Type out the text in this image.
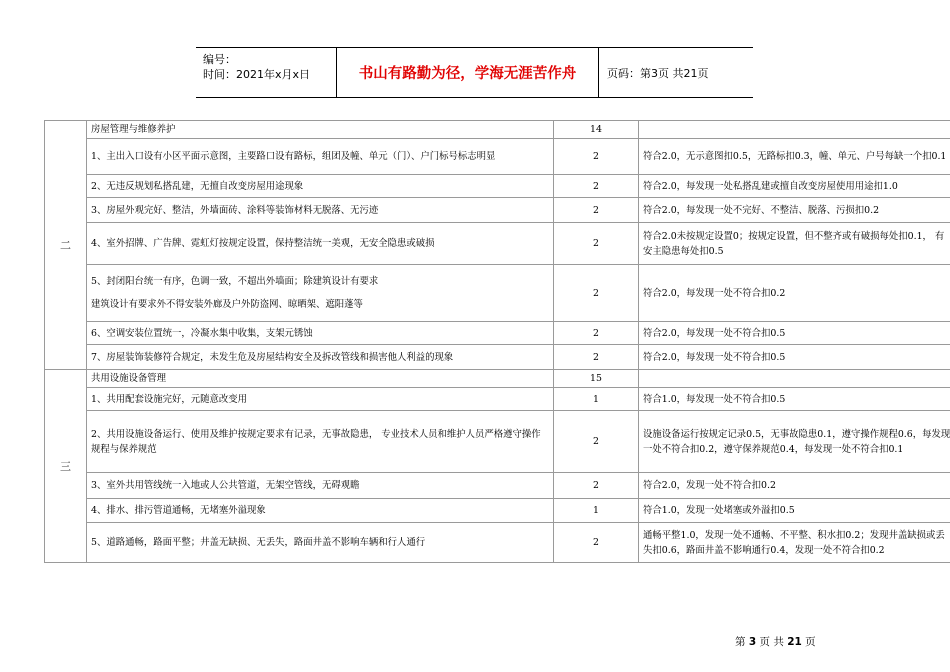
编号：
时间：2021年x月x日	书山有路勤为径，学海无涯苦作舟	页码：第3页 共21页
二	房屋管理与维修养护	14	
	1、主出入口设有小区平面示意图，主要路口设有路标，组团及幢、单元（门）、户门标号标志明显	2	符合2.0，无示意图扣0.5，无路标扣0.3，幢、单元、户号每缺一个扣0.1
	2、无违反规划私搭乱建，无擅自改变房屋用途现象	2	符合2.0，每发现一处私搭乱建或擅自改变房屋使用用途扣1.0
	3、房屋外观完好、整洁，外墙面砖、涂料等装饰材料无脱落、无污迹	2	符合2.0，每发现一处不完好、不整洁、脱落、污损扣0.2
	4、室外招牌、广告牌、霓虹灯按规定设置，保持整洁统一美观，无安全隐患或破损	2	符合2.0未按规定设置0；按规定设置，但不整齐或有破损每处扣0.1， 有安主隐患每处扣0.5
	5、封闭阳台统一有序，色调一致，不超出外墙面；除建筑设计有要求
建筑设计有要求外不得安装外廊及户外防盗网、晾晒架、遮阳蓬等	2	符合2.0，每发现一处不符合扣0.2
	6、空调安装位置统一，冷凝水集中收集，支架元锈蚀	2	符合2.0，每发现一处不符合扣0.5
	7、房屋装饰装修符合规定，未发生危及房屋结构安全及拆改管线和损害他人利益的现象	2	符合2.0，每发现一处不符合扣0.5
三	共用设施设备管理	15	
	1、共用配套设施完好，元随意改变用	1	符合1.0，每发现一处不符合扣0.5
	2、共用设施设备运行、使用及维护按规定要求有记录，无事故隐患， 专业技术人员和维护人员严格遵守操作规程与保养规范	2	设施设备运行按规定记录0.5，无事故隐患0.1，遵守操作规程0.6，每发现一处不符合扣0.2，遵守保养规范0.4，每发现一处不符合扣0.1
	3、室外共用管线统一入地或人公共管道，无架空管线，无碍观瞻	2	符合2.0，发现一处不符合扣0.2
	4、排水、排污管道通畅，无堵塞外溢现象	1	符合1.0，发现一处堵塞或外溢扣0.5
	5、道路通畅，路面平整；井盖无缺损、无丢失，路面井盖不影响车辆和行人通行	2	通畅平整1.0，发现一处不通畅、不平整、积水扣0.2；发现井盖缺损或丢失扣0.6，路面井盖不影响通行0.4，发现一处不符合扣0.2
第 3 页 共 21 页
